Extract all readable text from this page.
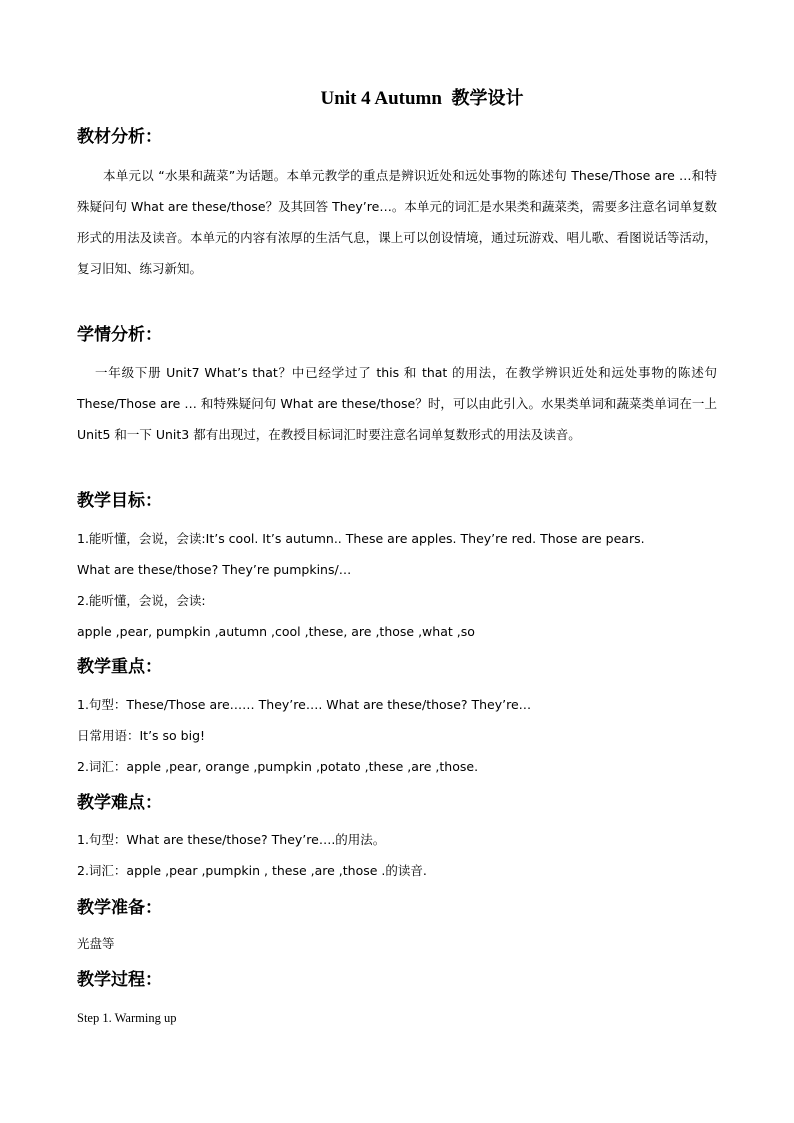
Unit 4 Autumn 教学设计
教材分析：

本单元以 “水果和蔬菜”为话题。本单元教学的重点是辨识近处和远处事物的陈述句 These/Those are …和特殊疑问句 What are these/those？及其回答 They’re…。本单元的词汇是水果类和蔬菜类，需要多注意名词单复数形式的用法及读音。本单元的内容有浓厚的生活气息，课上可以创设情境，通过玩游戏、唱儿歌、看图说话等活动，复习旧知、练习新知。

学情分析：

一年级下册 Unit7 What’s that？中已经学过了 this 和 that 的用法，在教学辨识近处和远处事物的陈述句 These/Those are … 和特殊疑问句 What are these/those？时，可以由此引入。水果类单词和蔬菜类单词在一上 Unit5 和一下 Unit3 都有出现过，在教授目标词汇时要注意名词单复数形式的用法及读音。

教学目标：
1.能听懂，会说，会读:It’s cool. It’s autumn.. These are apples. They’re red. Those are pears.
What are these/those? They’re pumpkins/…
2.能听懂，会说，会读:
apple ,pear, pumpkin ,autumn ,cool ,these, are ,those ,what ,so
教学重点：
1.句型：These/Those are…… They’re…. What are these/those? They’re…
日常用语：It’s so big!
2.词汇：apple ,pear, orange ,pumpkin ,potato ,these ,are ,those.
教学难点：
1.句型：What are these/those? They’re….的用法。
2.词汇：apple ,pear ,pumpkin , these ,are ,those .的读音.
教学准备：
光盘等
教学过程：
Step 1. Warming up
